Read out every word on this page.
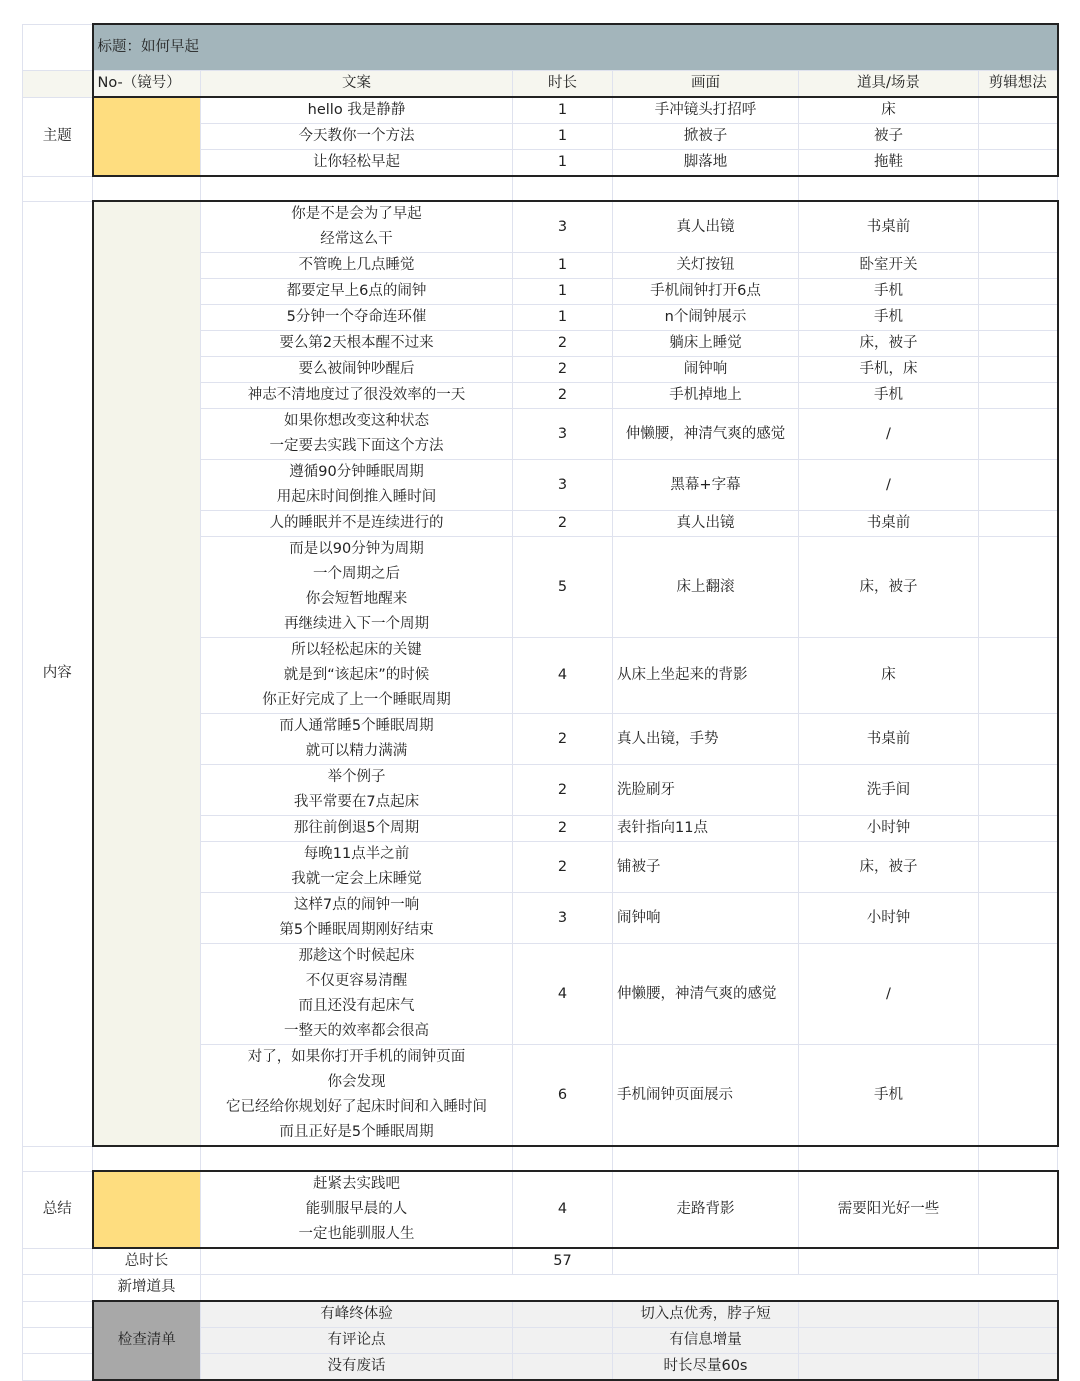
	标题：如何早起					
	No-（镜号）	文案	时长	画面	道具/场景	剪辑想法
主题		hello 我是静静	1	手冲镜头打招呼	床	

		今天教你一个方法	1	掀被子	被子	

		让你轻松早起	1	脚落地	拖鞋	

内容		你是不是会为了早起
经常这么干	3	真人出镜	书桌前	

		不管晚上几点睡觉	1	关灯按钮	卧室开关	

		都要定早上6点的闹钟	1	手机闹钟打开6点	手机	

		5分钟一个夺命连环催	1	n个闹钟展示	手机	

		要么第2天根本醒不过来	2	躺床上睡觉	床，被子	

		要么被闹钟吵醒后	2	闹钟响	手机，床	

		神志不清地度过了很没效率的一天	2	手机掉地上	手机	

		如果你想改变这种状态
一定要去实践下面这个方法	3	伸懒腰，神清气爽的感觉	/	

		遵循90分钟睡眠周期
用起床时间倒推入睡时间	3	黑幕+字幕	/	

		人的睡眠并不是连续进行的	2	真人出镜	书桌前	

		而是以90分钟为周期
一个周期之后
你会短暂地醒来
再继续进入下一个周期	5	床上翻滚	床，被子	

		所以轻松起床的关键
就是到“该起床”的时候
你正好完成了上一个睡眠周期	4	从床上坐起来的背影	床	

		而人通常睡5个睡眠周期
就可以精力满满	2	真人出镜，手势	书桌前	

		举个例子
我平常要在7点起床	2	洗脸刷牙	洗手间	

		那往前倒退5个周期	2	表针指向11点	小时钟	

		每晚11点半之前
我就一定会上床睡觉	2	铺被子	床，被子	

		这样7点的闹钟一响
第5个睡眠周期刚好结束	3	闹钟响	小时钟	

		那趁这个时候起床
不仅更容易清醒
而且还没有起床气
一整天的效率都会很高	4	伸懒腰，神清气爽的感觉	/	

		对了，如果你打开手机的闹钟页面
你会发现
它已经给你规划好了起床时间和入睡时间
而且正好是5个睡眠周期	6	手机闹钟页面展示	手机	

总结		赶紧去实践吧
能驯服早晨的人
一定也能驯服人生	4	走路背影	需要阳光好一些	
	总时长		57			
	新增道具					
	检查清单	有峰终体验		切入点优秀，脖子短		
		有评论点		有信息增量		
		没有废话		时长尽量60s		
